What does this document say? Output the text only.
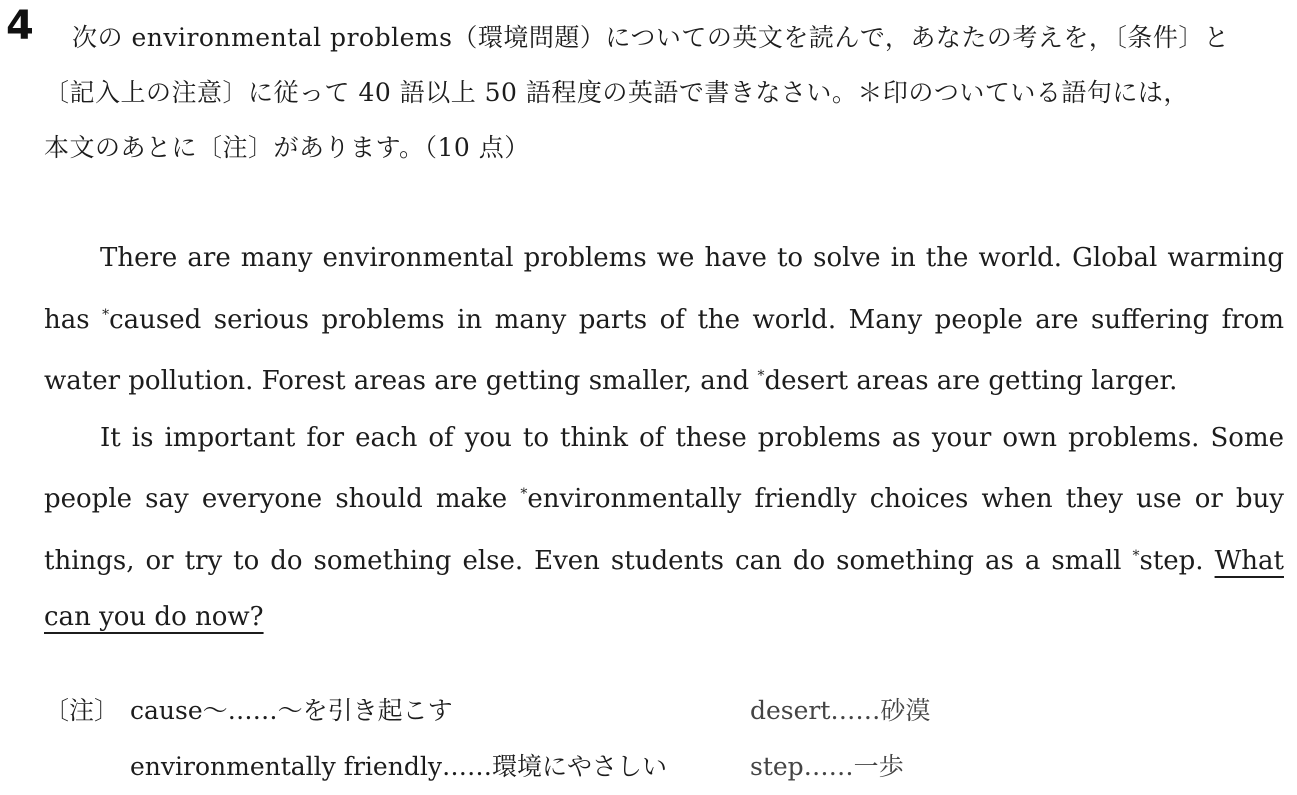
4	次の environmental problems（環境問題）についての英文を読んで，あなたの考えを，〔条件〕と
〔記入上の注意〕に従って 40 語以上 50 語程度の英語で書きなさい。＊印のついている語句には，
本文のあとに〔注〕があります。（10 点）

There are many environmental problems we have to solve in the world. Global warming has *caused serious problems in many parts of the world. Many people are suffering from water pollution. Forest areas are getting smaller, and *desert areas are getting larger.

It is important for each of you to think of these problems as your own problems. Some people say everyone should make *environmentally friendly choices when they use or buy things, or try to do something else. Even students can do something as a small *step. What can you do now?

〔注〕 cause〜……〜を引き起こす	desert……砂漠
environmentally friendly……環境にやさしい	step……一歩
